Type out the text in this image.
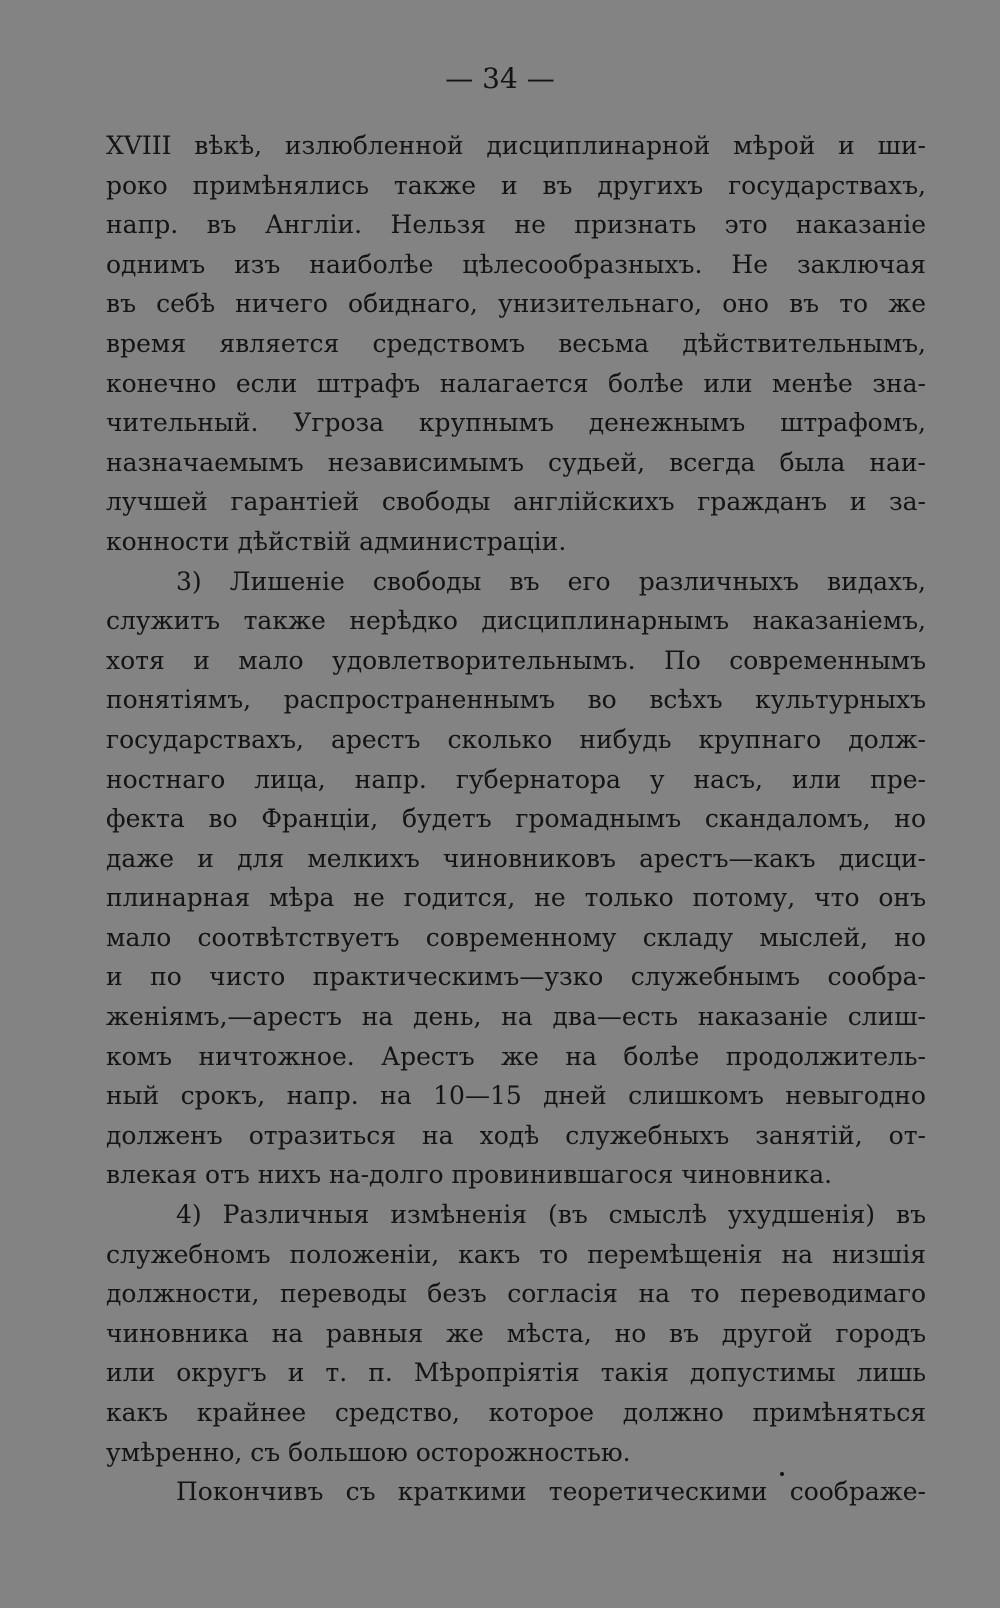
— 34 —
XVIII вѣкѣ, излюбленной дисциплинарной мѣрой и ши-
роко примѣнялись также и въ другихъ государствахъ,
напр. въ Англіи. Нельзя не признать это наказаніе
однимъ изъ наиболѣе цѣлесообразныхъ. Не заключая
въ себѣ ничего обиднаго, унизительнаго, оно въ то же
время является средствомъ весьма дѣйствительнымъ,
конечно если штрафъ налагается болѣе или менѣе зна-
чительный. Угроза крупнымъ денежнымъ штрафомъ,
назначаемымъ независимымъ судьей, всегда была наи-
лучшей гарантіей свободы англійскихъ гражданъ и за-
конности дѣйствій администраціи.
3) Лишеніе свободы въ его различныхъ видахъ,
служитъ также нерѣдко дисциплинарнымъ наказаніемъ,
хотя и мало удовлетворительнымъ. По современнымъ
понятіямъ, распространеннымъ во всѣхъ культурныхъ
государствахъ, арестъ сколько нибудь крупнаго долж-
ностнаго лица, напр. губернатора у насъ, или пре-
фекта во Франціи, будетъ громаднымъ скандаломъ, но
даже и для мелкихъ чиновниковъ арестъ—какъ дисци-
плинарная мѣра не годится, не только потому, что онъ
мало соотвѣтствуетъ современному складу мыслей, но
и по чисто практическимъ—узко служебнымъ сообра-
женіямъ,—арестъ на день, на два—есть наказаніе слиш-
комъ ничтожное. Арестъ же на болѣе продолжитель-
ный срокъ, напр. на 10—15 дней слишкомъ невыгодно
долженъ отразиться на ходѣ служебныхъ занятій, от-
влекая отъ нихъ на-долго провинившагося чиновника.
4) Различныя измѣненія (въ смыслѣ ухудшенія) въ
служебномъ положеніи, какъ то перемѣщенія на низшія
должности, переводы безъ согласія на то переводимаго
чиновника на равныя же мѣста, но въ другой городъ
или округъ и т. п. Мѣропріятія такія допустимы лишь
какъ крайнее средство, которое должно примѣняться
умѣренно, съ большою осторожностью.
Покончивъ съ краткими теоретическими соображе-
